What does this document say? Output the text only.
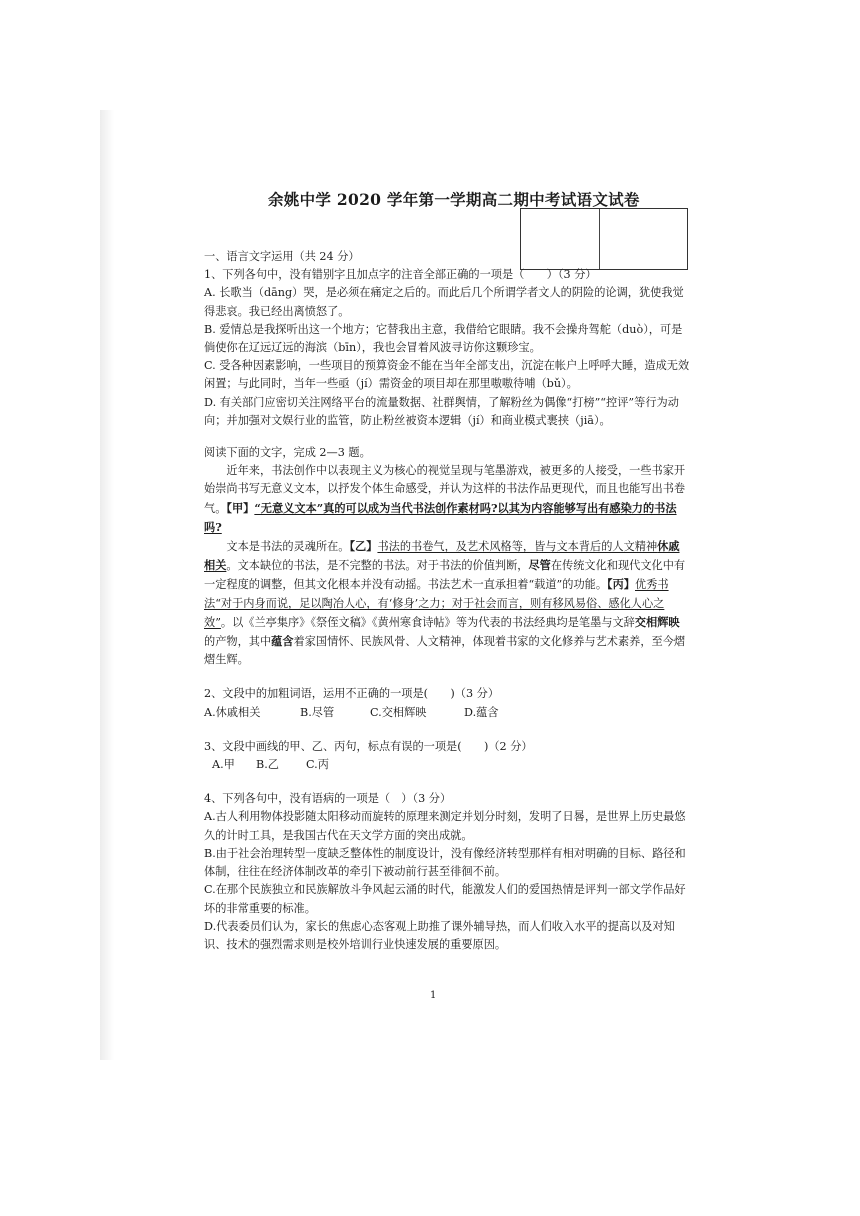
余姚中学 2020 学年第一学期高二期中考试语文试卷

一、语言文字运用（共 24 分）

1、下列各句中，没有错别字且加点字的注音全部正确的一项是（　　）（3 分）

A. 长歌当（dāng）哭，是必须在痛定之后的。而此后几个所谓学者文人的阴险的论调，犹使我觉得悲哀。我已经出离愤怒了。

B. 爱情总是我探听出这一个地方；它替我出主意，我借给它眼睛。我不会操舟驾舵（duò），可是倘使你在辽远辽远的海滨（bīn），我也会冒着风波寻访你这颗珍宝。

C. 受各种因素影响，一些项目的预算资金不能在当年全部支出，沉淀在帐户上呼呼大睡，造成无效闲置；与此同时，当年一些亟（jí）需资金的项目却在那里嗷嗷待哺（bǔ）。

D. 有关部门应密切关注网络平台的流量数据、社群舆情，了解粉丝为偶像“打榜”“控评”等行为动向；并加强对文娱行业的监管，防止粉丝被资本逻辑（jí）和商业模式裹挟（jiā）。

阅读下面的文字，完成 2—3 题。

近年来，书法创作中以表现主义为核心的视觉呈现与笔墨游戏，被更多的人接受，一些书家开始崇尚书写无意义文本，以抒发个体生命感受，并认为这样的书法作品更现代，而且也能写出书卷气。【甲】“无意义文本”真的可以成为当代书法创作素材吗?以其为内容能够写出有感染力的书法吗?

文本是书法的灵魂所在。【乙】书法的书卷气，及艺术风格等，皆与文本背后的人文精神休戚相关。文本缺位的书法，是不完整的书法。对于书法的价值判断，尽管在传统文化和现代文化中有一定程度的调整，但其文化根本并没有动摇。书法艺术一直承担着“载道”的功能。【丙】优秀书法“对于内身而说，足以陶冶人心，有‘修身’之力；对于社会而言，则有移风易俗、感化人心之效”。以《兰亭集序》《祭侄文稿》《黄州寒食诗帖》等为代表的书法经典均是笔墨与文辞交相辉映的产物，其中蕴含着家国情怀、民族风骨、人文精神，体现着书家的文化修养与艺术素养，至今熠熠生辉。

2、文段中的加粗词语，运用不正确的一项是(　　)（3 分）

A.休戚相关	B.尽管	C.交相辉映	D.蕴含

3、文段中画线的甲、乙、丙句，标点有误的一项是(　　)（2 分）

A.甲	B.乙	C.丙

4、下列各句中，没有语病的一项是（　）（3 分）

A.古人利用物体投影随太阳移动而旋转的原理来测定并划分时刻，发明了日晷，是世界上历史最悠久的计时工具，是我国古代在天文学方面的突出成就。

B.由于社会治理转型一度缺乏整体性的制度设计，没有像经济转型那样有相对明确的目标、路径和体制，往往在经济体制改革的牵引下被动前行甚至徘徊不前。

C.在那个民族独立和民族解放斗争风起云涌的时代，能激发人们的爱国热情是评判一部文学作品好坏的非常重要的标准。

D.代表委员们认为，家长的焦虑心态客观上助推了课外辅导热，而人们收入水平的提高以及对知识、技术的强烈需求则是校外培训行业快速发展的重要原因。

1
